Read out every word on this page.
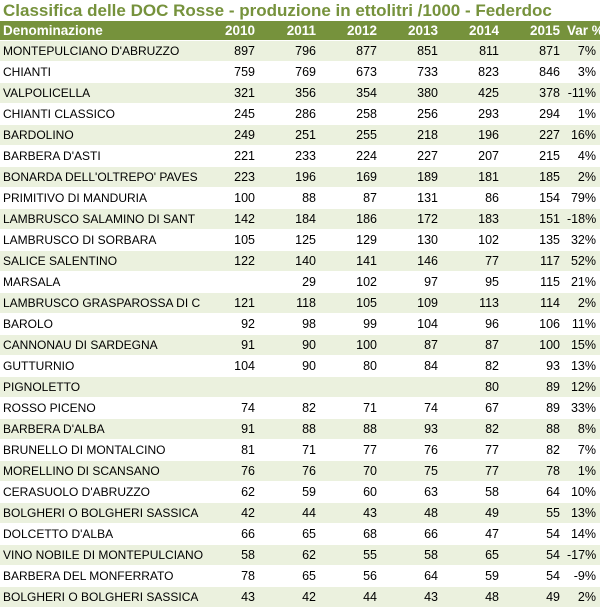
Classifica delle DOC Rosse - produzione in ettolitri /1000 - Federdoc
Denominazione	2010	2011	2012	2013	2014	2015	Var %
MONTEPULCIANO D'ABRUZZO	897	796	877	851	811	871	7%
CHIANTI	759	769	673	733	823	846	3%
VALPOLICELLA	321	356	354	380	425	378	-11%
CHIANTI CLASSICO	245	286	258	256	293	294	1%
BARDOLINO	249	251	255	218	196	227	16%
BARBERA D'ASTI	221	233	224	227	207	215	4%
BONARDA DELL'OLTREPO' PAVES	223	196	169	189	181	185	2%
PRIMITIVO DI MANDURIA	100	88	87	131	86	154	79%
LAMBRUSCO SALAMINO DI SANT	142	184	186	172	183	151	-18%
LAMBRUSCO DI SORBARA	105	125	129	130	102	135	32%
SALICE SALENTINO	122	140	141	146	77	117	52%
MARSALA		29	102	97	95	115	21%
LAMBRUSCO GRASPAROSSA DI C	121	118	105	109	113	114	2%
BAROLO	92	98	99	104	96	106	11%
CANNONAU DI SARDEGNA	91	90	100	87	87	100	15%
GUTTURNIO	104	90	80	84	82	93	13%
PIGNOLETTO					80	89	12%
ROSSO PICENO	74	82	71	74	67	89	33%
BARBERA D'ALBA	91	88	88	93	82	88	8%
BRUNELLO DI MONTALCINO	81	71	77	76	77	82	7%
MORELLINO DI SCANSANO	76	76	70	75	77	78	1%
CERASUOLO D'ABRUZZO	62	59	60	63	58	64	10%
BOLGHERI O BOLGHERI SASSICA	42	44	43	48	49	55	13%
DOLCETTO D'ALBA	66	65	68	66	47	54	14%
VINO NOBILE DI MONTEPULCIANO	58	62	55	58	65	54	-17%
BARBERA DEL MONFERRATO	78	65	56	64	59	54	-9%
BOLGHERI O BOLGHERI SASSICA	43	42	44	43	48	49	2%
